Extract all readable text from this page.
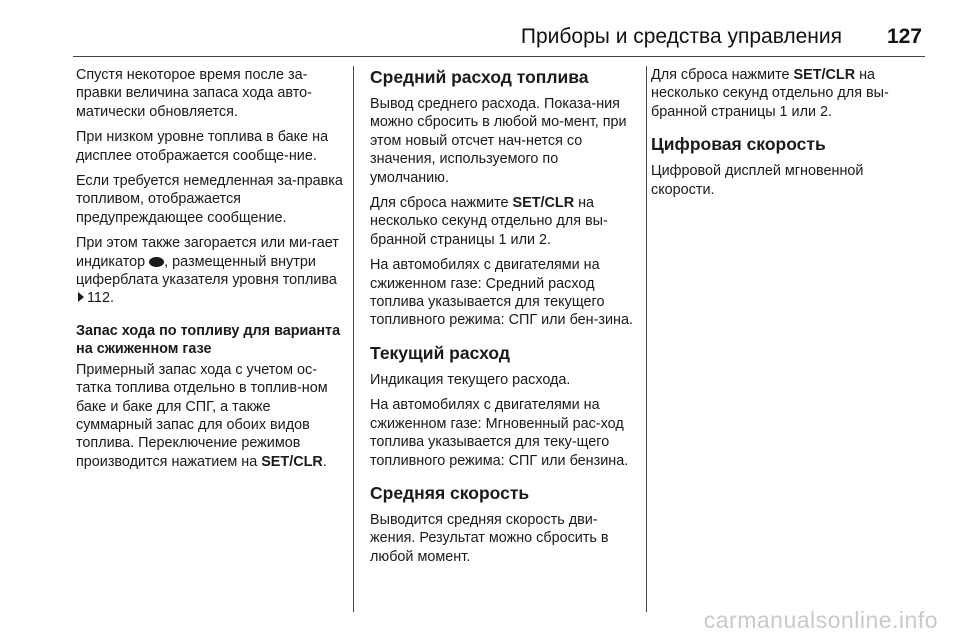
Приборы и средства управления 127

Спустя некоторое время после за-правки величина запаса хода авто-матически обновляется.

При низком уровне топлива в баке на дисплее отображается сообще-ние.

Если требуется немедленная за-правка топливом, отображается предупреждающее сообщение.

При этом также загорается или ми-гает индикатор , размещенный внутри циферблата указателя уровня топлива 112.

Запас хода по топливу для варианта на сжиженном газе

Примерный запас хода с учетом ос-татка топлива отдельно в топлив-ном баке и баке для СПГ, а также суммарный запас для обоих видов топлива. Переключение режимов производится нажатием на SET/CLR.

Средний расход топлива

Вывод среднего расхода. Показа-ния можно сбросить в любой мо-мент, при этом новый отсчет нач-нется со значения, используемого по умолчанию.

Для сброса нажмите SET/CLR на несколько секунд отдельно для вы-бранной страницы 1 или 2.

На автомобилях с двигателями на сжиженном газе: Средний расход топлива указывается для текущего топливного режима: СПГ или бен-зина.

Текущий расход

Индикация текущего расхода.

На автомобилях с двигателями на сжиженном газе: Мгновенный рас-ход топлива указывается для теку-щего топливного режима: СПГ или бензина.

Средняя скорость

Выводится средняя скорость дви-жения. Результат можно сбросить в любой момент.

Для сброса нажмите SET/CLR на несколько секунд отдельно для вы-бранной страницы 1 или 2.

Цифровая скорость

Цифровой дисплей мгновенной скорости.

carmanualsonline.info
